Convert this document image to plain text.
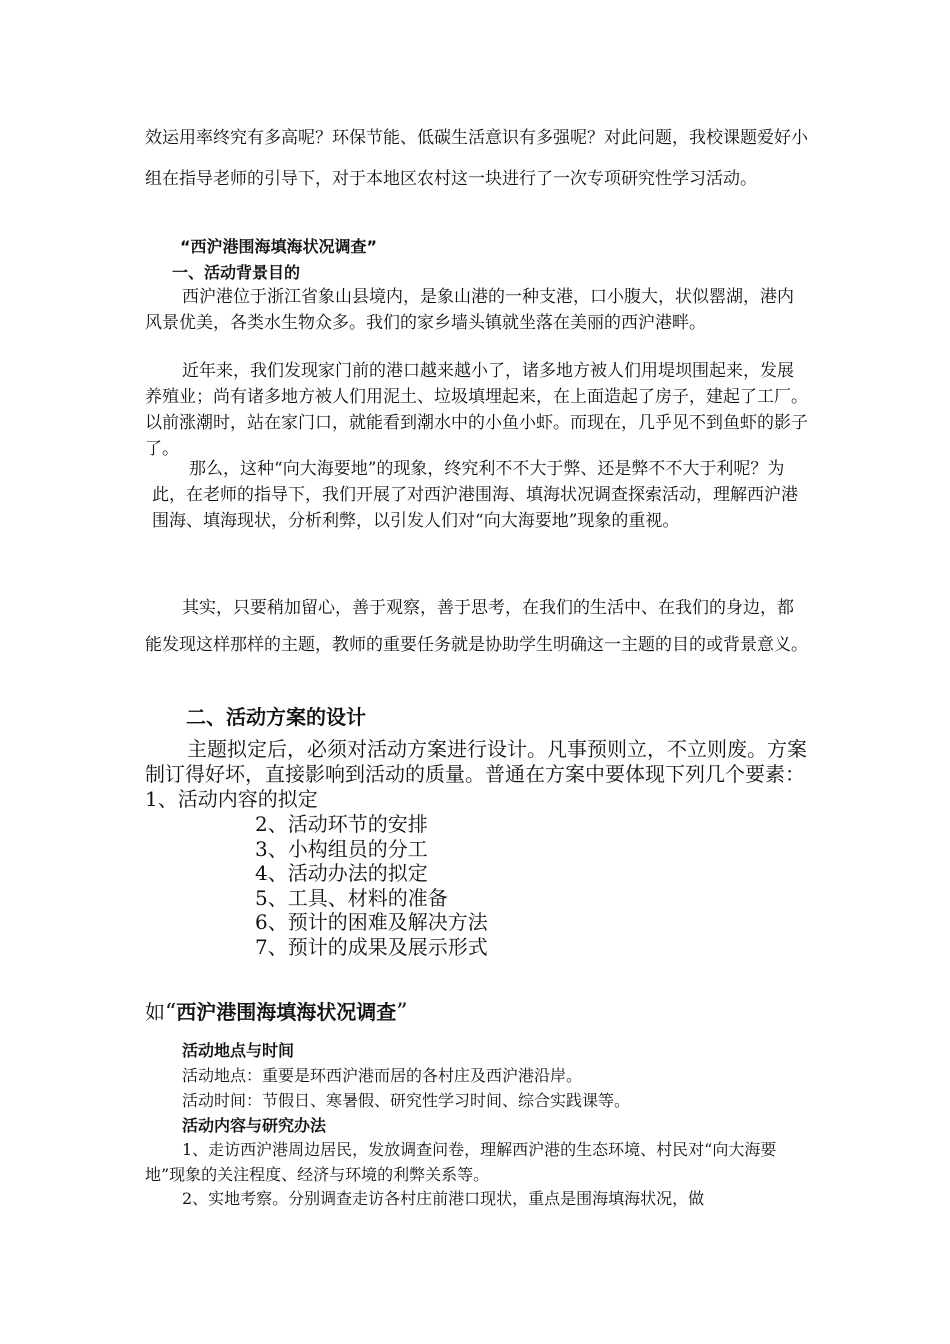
效运用率终究有多高呢？环保节能、低碳生活意识有多强呢？对此问题，我校课题爱好小组在指导老师的引导下，对于本地区农村这一块进行了一次专项研究性学习活动。

“西沪港围海填海状况调查”

一、活动背景目的

西沪港位于浙江省象山县境内，是象山港的一种支港，口小腹大，状似罂湖，港内风景优美，各类水生物众多。我们的家乡墙头镇就坐落在美丽的西沪港畔。

近年来，我们发现家门前的港口越来越小了，诸多地方被人们用堤坝围起来，发展养殖业；尚有诸多地方被人们用泥土、垃圾填埋起来，在上面造起了房子，建起了工厂。以前涨潮时，站在家门口，就能看到潮水中的小鱼小虾。而现在，几乎见不到鱼虾的影子了。

那么，这种“向大海要地”的现象，终究利不不大于弊、还是弊不不大于利呢？为此，在老师的指导下，我们开展了对西沪港围海、填海状况调查探索活动，理解西沪港围海、填海现状，分析利弊，以引发人们对“向大海要地”现象的重视。

其实，只要稍加留心，善于观察，善于思考，在我们的生活中、在我们的身边，都能发现这样那样的主题，教师的重要任务就是协助学生明确这一主题的目的或背景意义。

二、活动方案的设计

主题拟定后，必须对活动方案进行设计。凡事预则立，不立则废。方案制订得好坏，直接影响到活动的质量。普通在方案中要体现下列几个要素：1、活动内容的拟定

2、活动环节的安排
3、小构组员的分工
4、活动办法的拟定
5、工具、材料的准备
6、预计的困难及解决方法
7、预计的成果及展示形式

如“西沪港围海填海状况调查”

活动地点与时间

活动地点：重要是环西沪港而居的各村庄及西沪港沿岸。

活动时间：节假日、寒暑假、研究性学习时间、综合实践课等。

活动内容与研究办法

1、走访西沪港周边居民，发放调查问卷，理解西沪港的生态环境、村民对“向大海要地”现象的关注程度、经济与环境的利弊关系等。

2、实地考察。分别调查走访各村庄前港口现状，重点是围海填海状况，做
